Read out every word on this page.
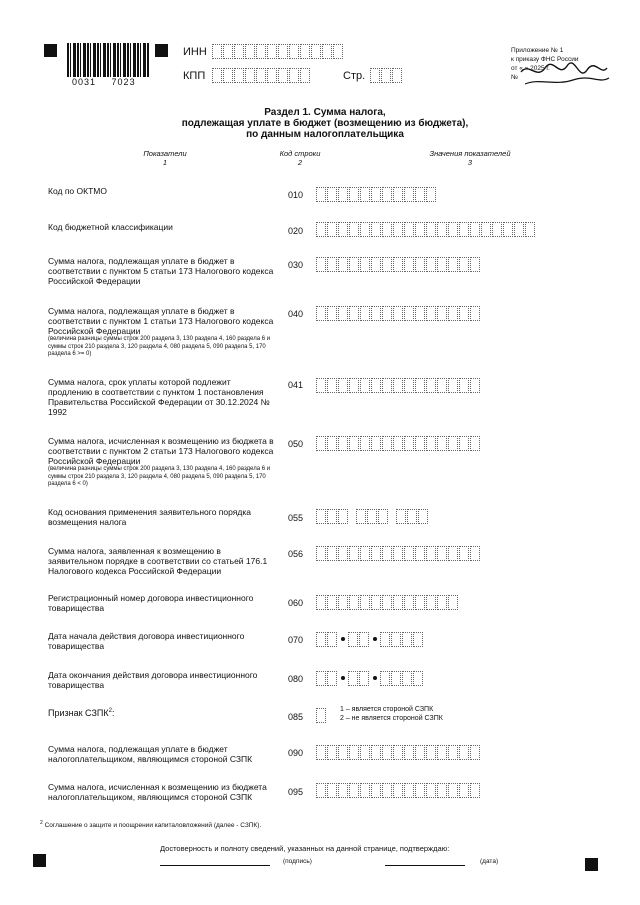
0031 7023
ИНН
КПП	Стр.
Приложение № 1
к приказу ФНС России
от « » 2025 г.
№
Раздел 1. Сумма налога,
подлежащая уплате в бюджет (возмещению из бюджета),
по данным налогоплательщика
Показатели
1
Код строки
2
Значения показателей
3
Код по ОКТМО	010
Код бюджетной классификации	020
Сумма налога, подлежащая уплате в бюджет в соответствии с пунктом 5 статьи 173 Налогового кодекса Российской Федерации
030
Сумма налога, подлежащая уплате в бюджет в соответствии с пунктом 1 статьи 173 Налогового кодекса Российской Федерации
(величина разницы суммы строк 200 раздела 3, 130 раздела 4, 160 раздела 6 и суммы строк 210 раздела 3, 120 раздела 4, 080 раздела 5, 090 раздела 5, 170 раздела 6 >= 0)
040
Сумма налога, срок уплаты которой подлежит продлению в соответствии с пунктом 1 постановления Правительства Российской Федерации от 30.12.2024 № 1992
041
Сумма налога, исчисленная к возмещению из бюджета в соответствии с пунктом 2 статьи 173 Налогового кодекса Российской Федерации
(величина разницы суммы строк 200 раздела 3, 130 раздела 4, 160 раздела 6 и суммы строк 210 раздела 3, 120 раздела 4, 080 раздела 5, 090 раздела 5, 170 раздела 6 < 0)
050
Код основания применения заявительного порядка возмещения налога	055
Сумма налога, заявленная к возмещению в заявительном порядке в соответствии со статьей 176.1 Налогового кодекса Российской Федерации
056
Регистрационный номер договора инвестиционного товарищества	060
Дата начала действия договора инвестиционного товарищества
070
Дата окончания действия договора инвестиционного товарищества
080
Признак СЗПК$^2$:	085
1 – является стороной СЗПК
2 – не является стороной СЗПК
Сумма налога, подлежащая уплате в бюджет налогоплательщиком, являющимся стороной СЗПК
090
Сумма налога, исчисленная к возмещению из бюджета налогоплательщиком, являющимся стороной СЗПК	095
$^2$ Соглашение о защите и поощрении капиталовложений (далее - СЗПК).
Достоверность и полноту сведений, указанных на данной странице, подтверждаю:
(подпись)	(дата)
